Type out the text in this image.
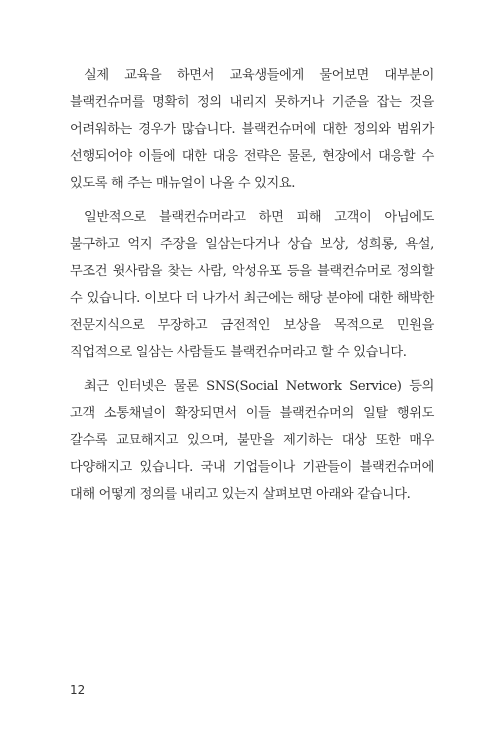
실제 교육을 하면서 교육생들에게 물어보면 대부분이 블랙컨슈머를 명확히 정의 내리지 못하거나 기준을 잡는 것을 어려워하는 경우가 많습니다. 블랙컨슈머에 대한 정의와 범위가 선행되어야 이들에 대한 대응 전략은 물론, 현장에서 대응할 수 있도록 해 주는 매뉴얼이 나올 수 있지요.

일반적으로 블랙컨슈머라고 하면 피해 고객이 아님에도 불구하고 억지 주장을 일삼는다거나 상습 보상, 성희롱, 욕설, 무조건 윗사람을 찾는 사람, 악성유포 등을 블랙컨슈머로 정의할 수 있습니다. 이보다 더 나가서 최근에는 해당 분야에 대한 해박한 전문지식으로 무장하고 금전적인 보상을 목적으로 민원을 직업적으로 일삼는 사람들도 블랙컨슈머라고 할 수 있습니다.

최근 인터넷은 물론 SNS(Social Network Service) 등의 고객 소통채널이 확장되면서 이들 블랙컨슈머의 일탈 행위도 갈수록 교묘해지고 있으며, 불만을 제기하는 대상 또한 매우 다양해지고 있습니다. 국내 기업들이나 기관들이 블랙컨슈머에 대해 어떻게 정의를 내리고 있는지 살펴보면 아래와 같습니다.

12
